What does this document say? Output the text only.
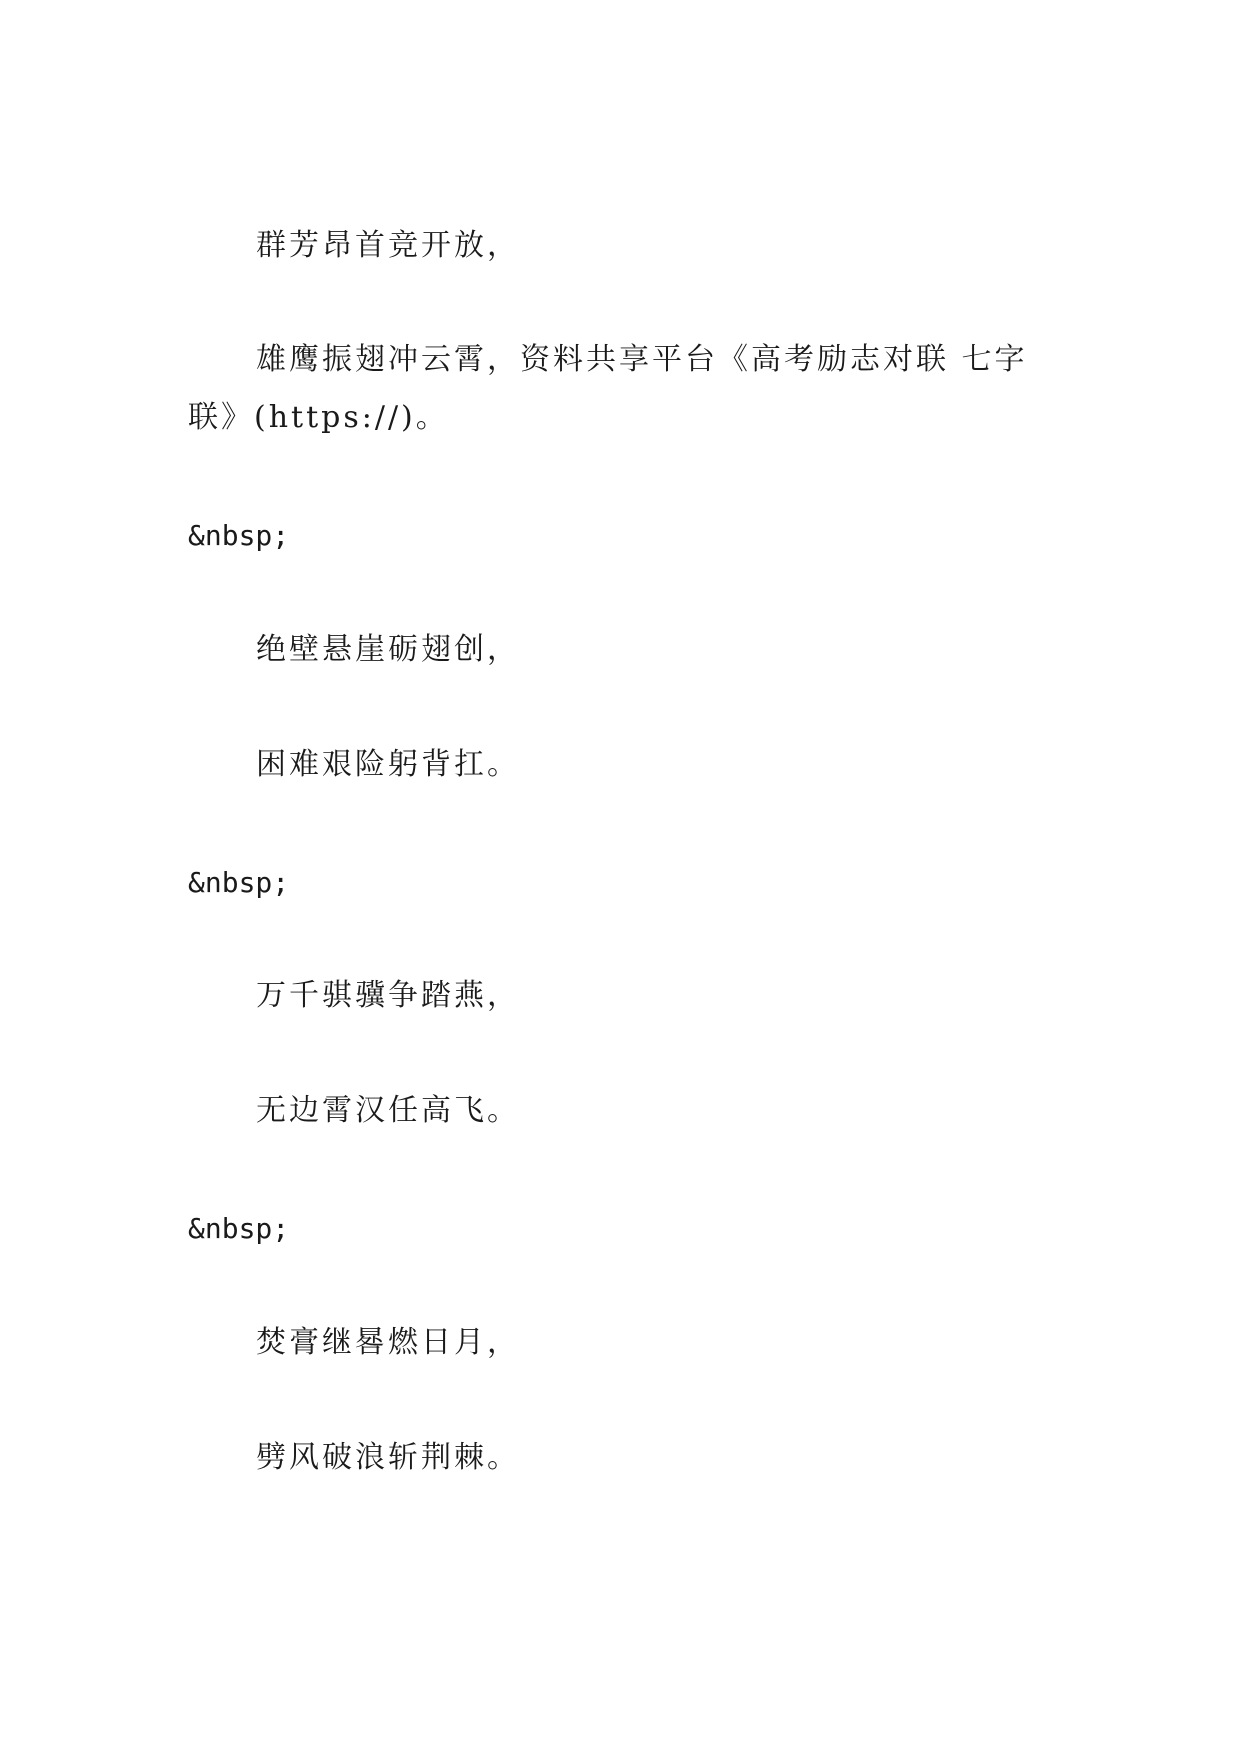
群芳昂首竞开放，
雄鹰振翅冲云霄，资料共享平台《高考励志对联 七字
联》(https://)。
&nbsp;
绝壁悬崖砺翅创，
困难艰险躬背扛。
&nbsp;
万千骐骥争踏燕，
无边霄汉任高飞。
&nbsp;
焚膏继晷燃日月，
劈风破浪斩荆棘。
